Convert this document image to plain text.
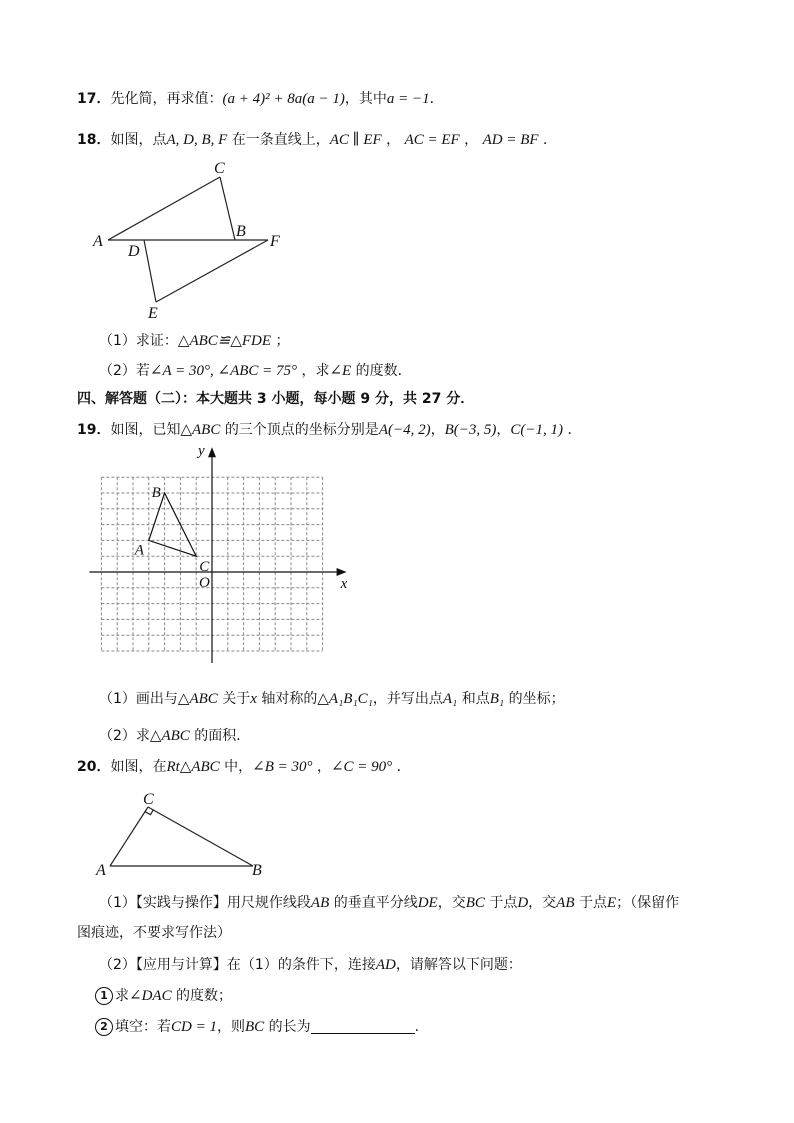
17．先化简，再求值：(a + 4)² + 8a(a − 1)，其中a = −1．
18．如图，点A, D, B, F 在一条直线上，AC ∥ EF ， AC = EF ， AD = BF ．
C
A
B
F
D
E
（1）求证：△ABC≌△FDE ；
（2）若∠A = 30°, ∠ABC = 75° ，求∠E 的度数．
四、解答题（二）：本大题共 3 小题，每小题 9 分，共 27 分．
19．如图，已知△ABC 的三个顶点的坐标分别是A(−4, 2)，B(−3, 5)，C(−1, 1) ．
x
y
O
A
B
C
（1）画出与△ABC 关于x 轴对称的△A₁B₁C₁，并写出点A₁ 和点B₁ 的坐标；
（2）求△ABC 的面积．
20．如图，在Rt△ABC 中，∠B = 30° ，∠C = 90° ．
C
A	B
（1）【实践与操作】用尺规作线段AB 的垂直平分线DE，交BC 于点D，交AB 于点E；（保留作
图痕迹，不要求写作法）
（2）【应用与计算】在（1）的条件下，连接AD，请解答以下问题：
1 求∠DAC 的度数；
2 填空：若CD = 1，则BC 的长为	.
